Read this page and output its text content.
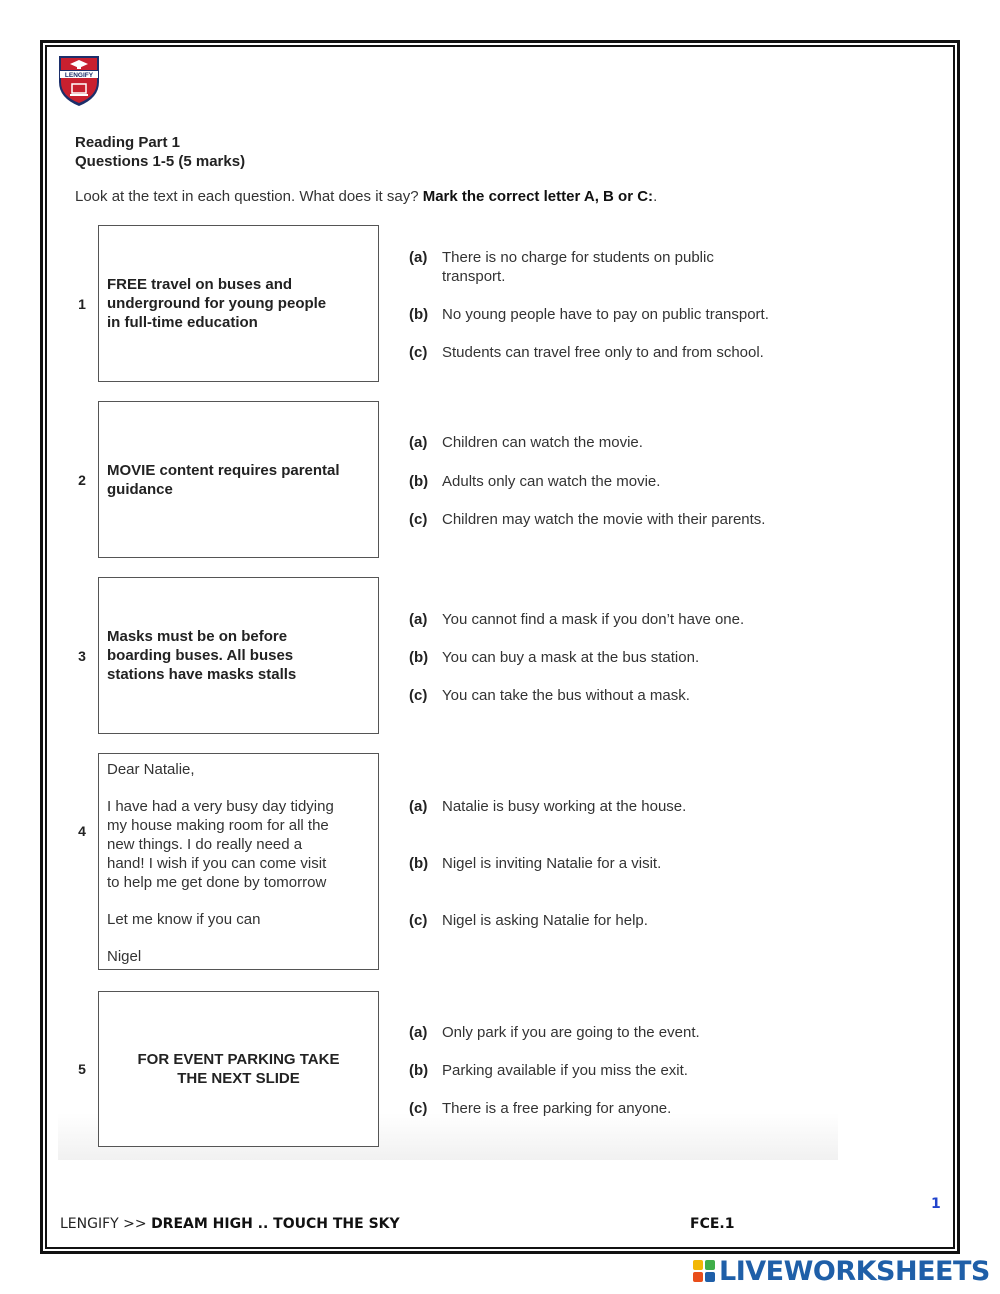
LENGIFY
Reading Part 1
Questions 1-5 (5 marks)
Look at the text in each question. What does it say? Mark the correct letter A, B or C:.
1
FREE travel on buses and
underground for young people
in full-time education
(a) There is no charge for students on public transport.
(b) No young people have to pay on public transport.
(c) Students can travel free only to and from school.
2
MOVIE content requires parental
guidance
(a) Children can watch the movie.
(b) Adults only can watch the movie.
(c) Children may watch the movie with their parents.
3
Masks must be on before
boarding buses. All buses
stations have masks stalls
(a) You cannot find a mask if you don’t have one.
(b) You can buy a mask at the bus station.
(c) You can take the bus without a mask.
4

Dear Natalie,

I have had a very busy day tidying
my house making room for all the
new things. I do really need a
hand! I wish if you can come visit
to help me get done by tomorrow

Let me know if you can

Nigel

(a) Natalie is busy working at the house.
(b) Nigel is inviting Natalie for a visit.
(c) Nigel is asking Natalie for help.
5
FOR EVENT PARKING TAKE
THE NEXT SLIDE
(a) Only park if you are going to the event.
(b) Parking available if you miss the exit.
(c) There is a free parking for anyone.
1
LENGIFY >> DREAM HIGH .. TOUCH THE SKY	FCE.1
LIVEWORKSHEETS
